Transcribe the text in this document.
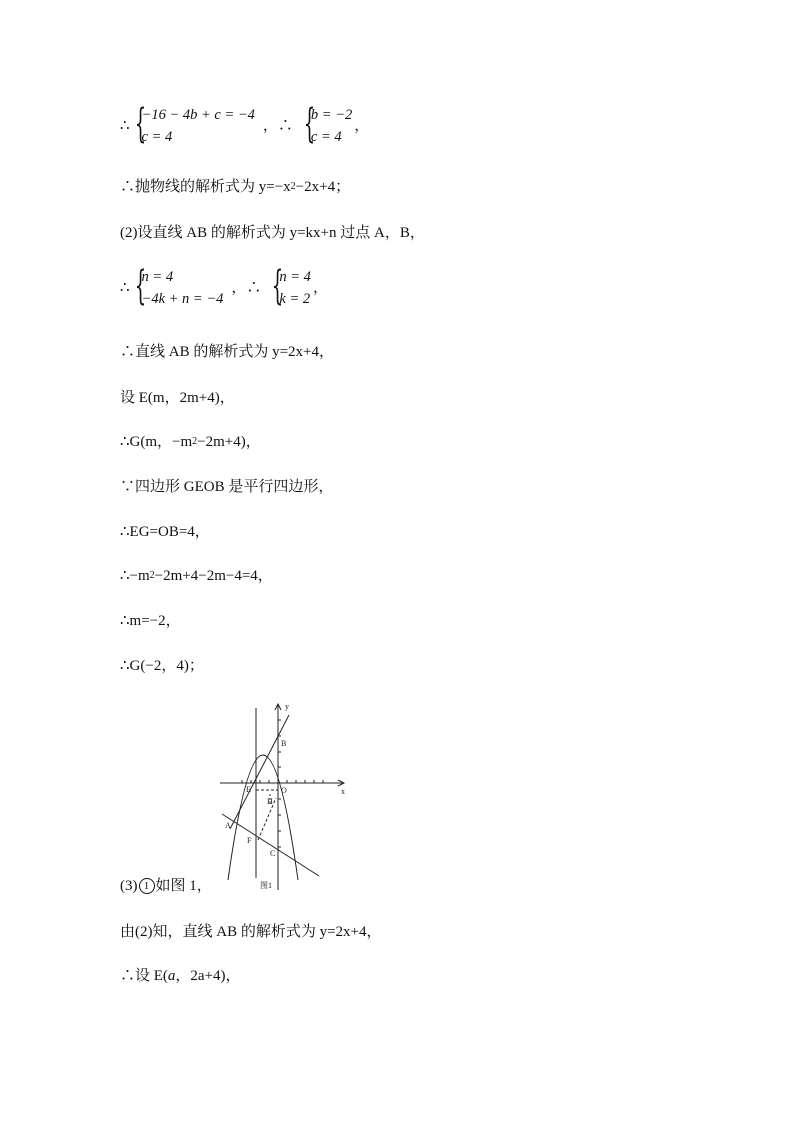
∴ {
−16 − 4b + c = −4
c = 4
，∴ {
b = −2
c = 4
，
∴抛物线的解析式为 y=−x 2 −2x+4；
(2)设直线 AB 的解析式为 y=kx+n 过点 A，B，
∴ {
n = 4
−4k + n = −4
，∴ {
n = 4
k = 2
，
∴直线 AB 的解析式为 y=2x+4，
设 E(m，2m+4)，
∴G(m，−m 2 −2m+4)，
∵四边形 GEOB 是平行四边形，
∴EG=OB=4，
∴−m 2 −2m+4−2m−4=4，
∴m=−2，
∴G(−2，4)；
y
x
B
E	O
H
A
F
C
图1
(3) 1 如图 1，
由(2)知，直线 AB 的解析式为 y=2x+4，
∴设 E( a ，2a+4)，
